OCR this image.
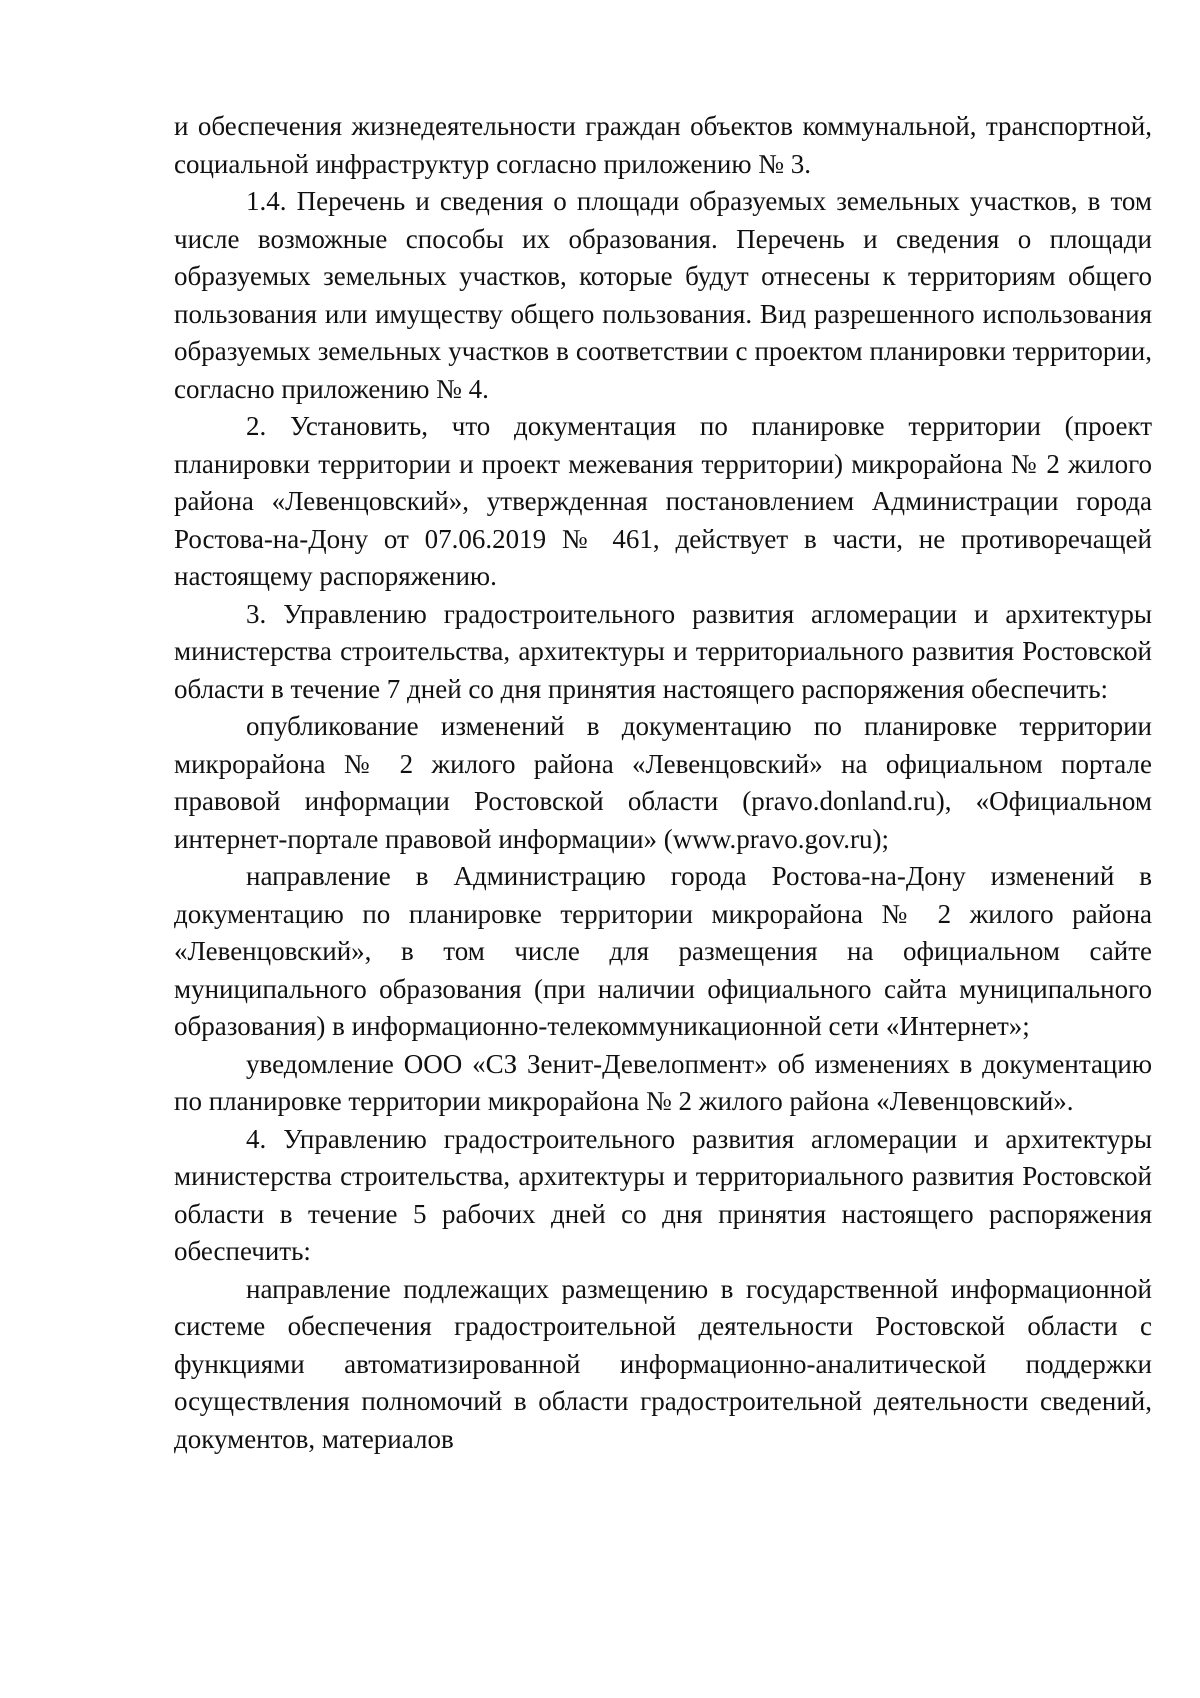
и обеспечения жизнедеятельности граждан объектов коммунальной, транспортной, социальной инфраструктур согласно приложению № 3.

1.4. Перечень и сведения о площади образуемых земельных участков, в том числе возможные способы их образования. Перечень и сведения о площади образуемых земельных участков, которые будут отнесены к территориям общего пользования или имуществу общего пользования. Вид разрешенного использования образуемых земельных участков в соответствии с проектом планировки территории, согласно приложению № 4.

2. Установить, что документация по планировке территории (проект планировки территории и проект межевания территории) микрорайона № 2 жилого района «Левенцовский», утвержденная постановлением Администрации города Ростова-на-Дону от 07.06.2019 № 461, действует в части, не противоречащей настоящему распоряжению.

3. Управлению градостроительного развития агломерации и архитектуры министерства строительства, архитектуры и территориального развития Ростовской области в течение 7 дней со дня принятия настоящего распоряжения обеспечить:

опубликование изменений в документацию по планировке территории микрорайона № 2 жилого района «Левенцовский» на официальном портале правовой информации Ростовской области (pravo.donland.ru), «Официальном интернет-портале правовой информации» (www.pravo.gov.ru);

направление в Администрацию города Ростова-на-Дону изменений в документацию по планировке территории микрорайона № 2 жилого района «Левенцовский», в том числе для размещения на официальном сайте муниципального образования (при наличии официального сайта муниципального образования) в информационно-телекоммуникационной сети «Интернет»;

уведомление ООО «СЗ Зенит-Девелопмент» об изменениях в документацию по планировке территории микрорайона № 2 жилого района «Левенцовский».

4. Управлению градостроительного развития агломерации и архитектуры министерства строительства, архитектуры и территориального развития Ростовской области в течение 5 рабочих дней со дня принятия настоящего распоряжения обеспечить:

направление подлежащих размещению в государственной информационной системе обеспечения градостроительной деятельности Ростовской области с функциями автоматизированной информационно-аналитической поддержки осуществления полномочий в области градостроительной деятельности сведений, документов, материалов
